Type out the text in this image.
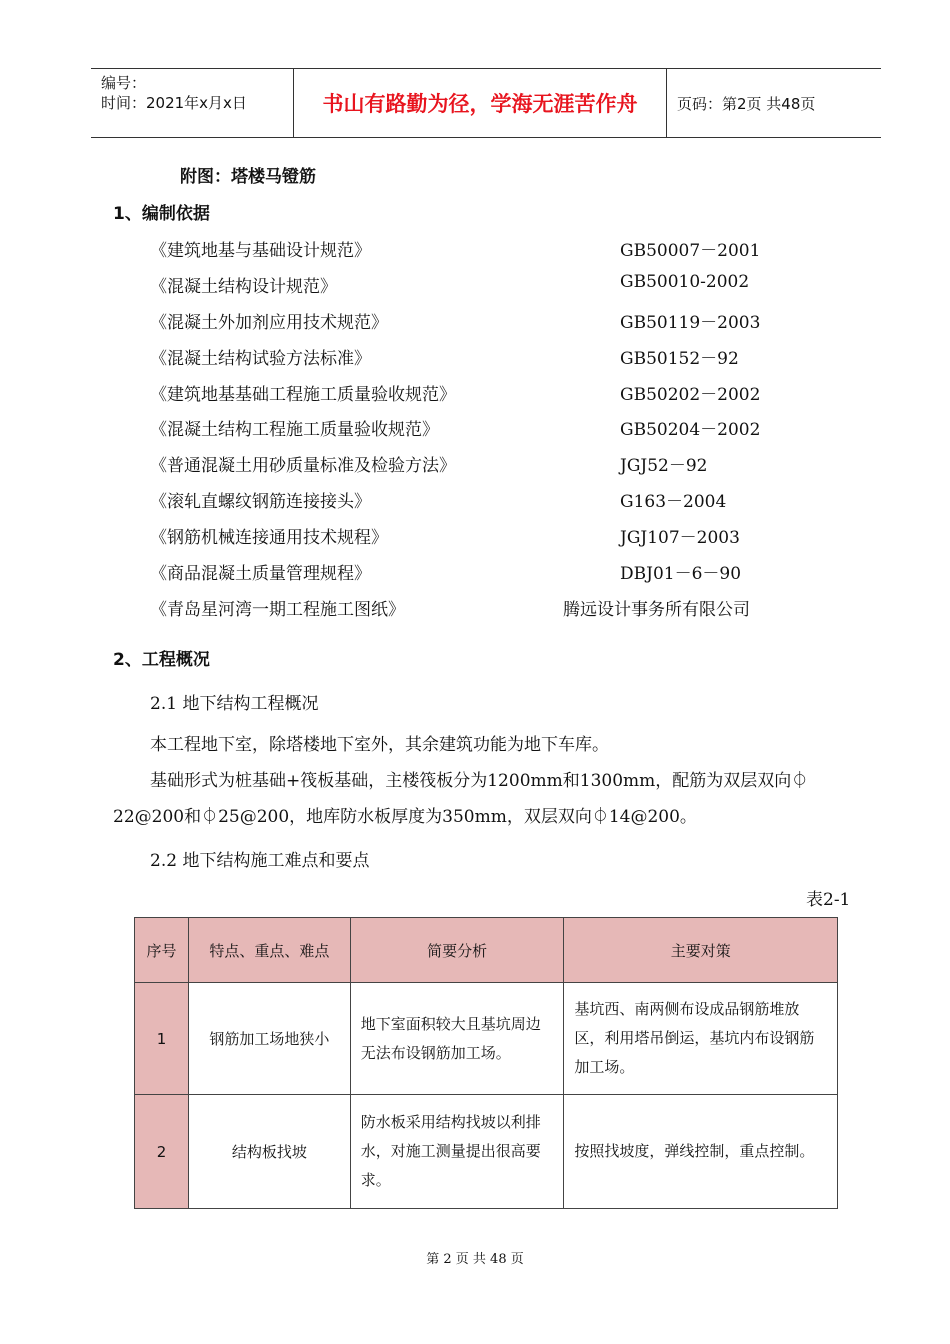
编号：
时间：2021年x月x日	书山有路勤为径，学海无涯苦作舟	页码：第2页 共48页
附图：塔楼马镫筋
1、编制依据
《建筑地基与基础设计规范》	GB50007－2001
《混凝土结构设计规范》	GB50010-2002
《混凝土外加剂应用技术规范》	GB50119－2003
《混凝土结构试验方法标准》	GB50152－92
《建筑地基基础工程施工质量验收规范》	GB50202－2002
《混凝土结构工程施工质量验收规范》	GB50204－2002
《普通混凝土用砂质量标准及检验方法》	JGJ52－92
《滚轧直螺纹钢筋连接接头》	G163－2004
《钢筋机械连接通用技术规程》	JGJ107－2003
《商品混凝土质量管理规程》	DBJ01－6－90
《青岛星河湾一期工程施工图纸》	腾远设计事务所有限公司
2、工程概况
2.1 地下结构工程概况
本工程地下室，除塔楼地下室外，其余建筑功能为地下车库。
基础形式为桩基础+筏板基础，主楼筏板分为1200mm和1300mm，配筋为双层双向⏀
22@200和⏀25@200，地库防水板厚度为350mm，双层双向⏀14@200。
2.2 地下结构施工难点和要点
表2-1
序号	特点、重点、难点	简要分析	主要对策
1	钢筋加工场地狭小	地下室面积较大且基坑周边无法布设钢筋加工场。	基坑西、南两侧布设成品钢筋堆放区，利用塔吊倒运，基坑内布设钢筋加工场。
2	结构板找坡	防水板采用结构找坡以利排水，对施工测量提出很高要求。	按照找坡度，弹线控制，重点控制。
第 2 页 共 48 页
